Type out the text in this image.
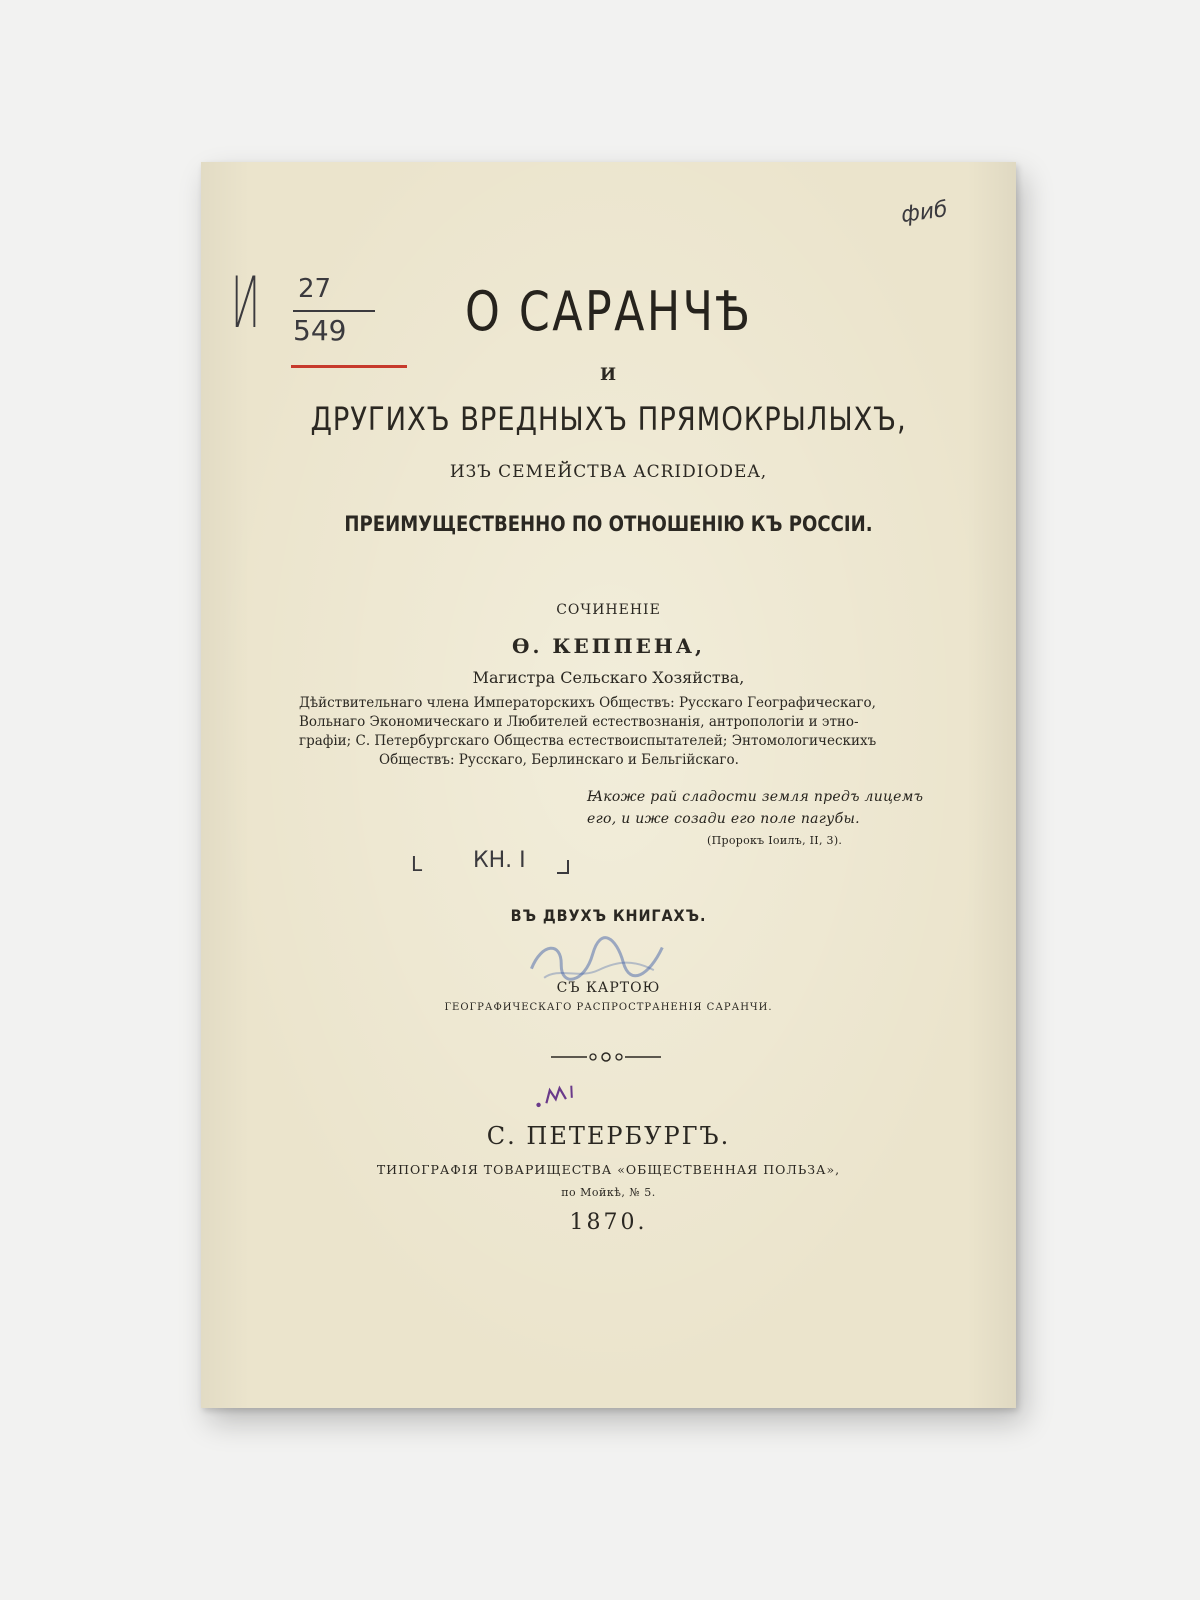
И 27
549
фиб
О САРАНЧѢ
И
ДРУГИХЪ ВРЕДНЫХЪ ПРЯМОКРЫЛЫХЪ,
ИЗЪ СЕМЕЙСТВА ACRIDIODEA,
ПРЕИМУЩЕСТВЕННО ПО ОТНОШЕНІЮ КЪ РОССІИ.
СОЧИНЕНІЕ
Ѳ. КЕППЕНА,
Магистра Сельскаго Хозяйства,
Дѣйствительнаго члена Императорскихъ Обществъ: Русскаго Географическаго,
Вольнаго Экономическаго и Любителей естествознанія, антропологіи и этно-
графіи; С. Петербургскаго Общества естествоиспытателей; Энтомологическихъ
Обществъ: Русскаго, Берлинскаго и Бельгійскаго.
Ꙗкоже рай сладости земля предъ лицемъ
его, и иже созади его поле пагубы.
(Пророкъ Іоилъ, II, 3).
L КН. I
ВЪ ДВУХЪ КНИГАХЪ.
СЪ КАРТОЮ
ГЕОГРАФИЧЕСКАГО РАСПРОСТРАНЕНІЯ САРАНЧИ.
С. ПЕТЕРБУРГЪ.
ТИПОГРАФІЯ ТОВАРИЩЕСТВА «ОБЩЕСТВЕННАЯ ПОЛЬЗА»,
по Мойкѣ, № 5.
1870.
